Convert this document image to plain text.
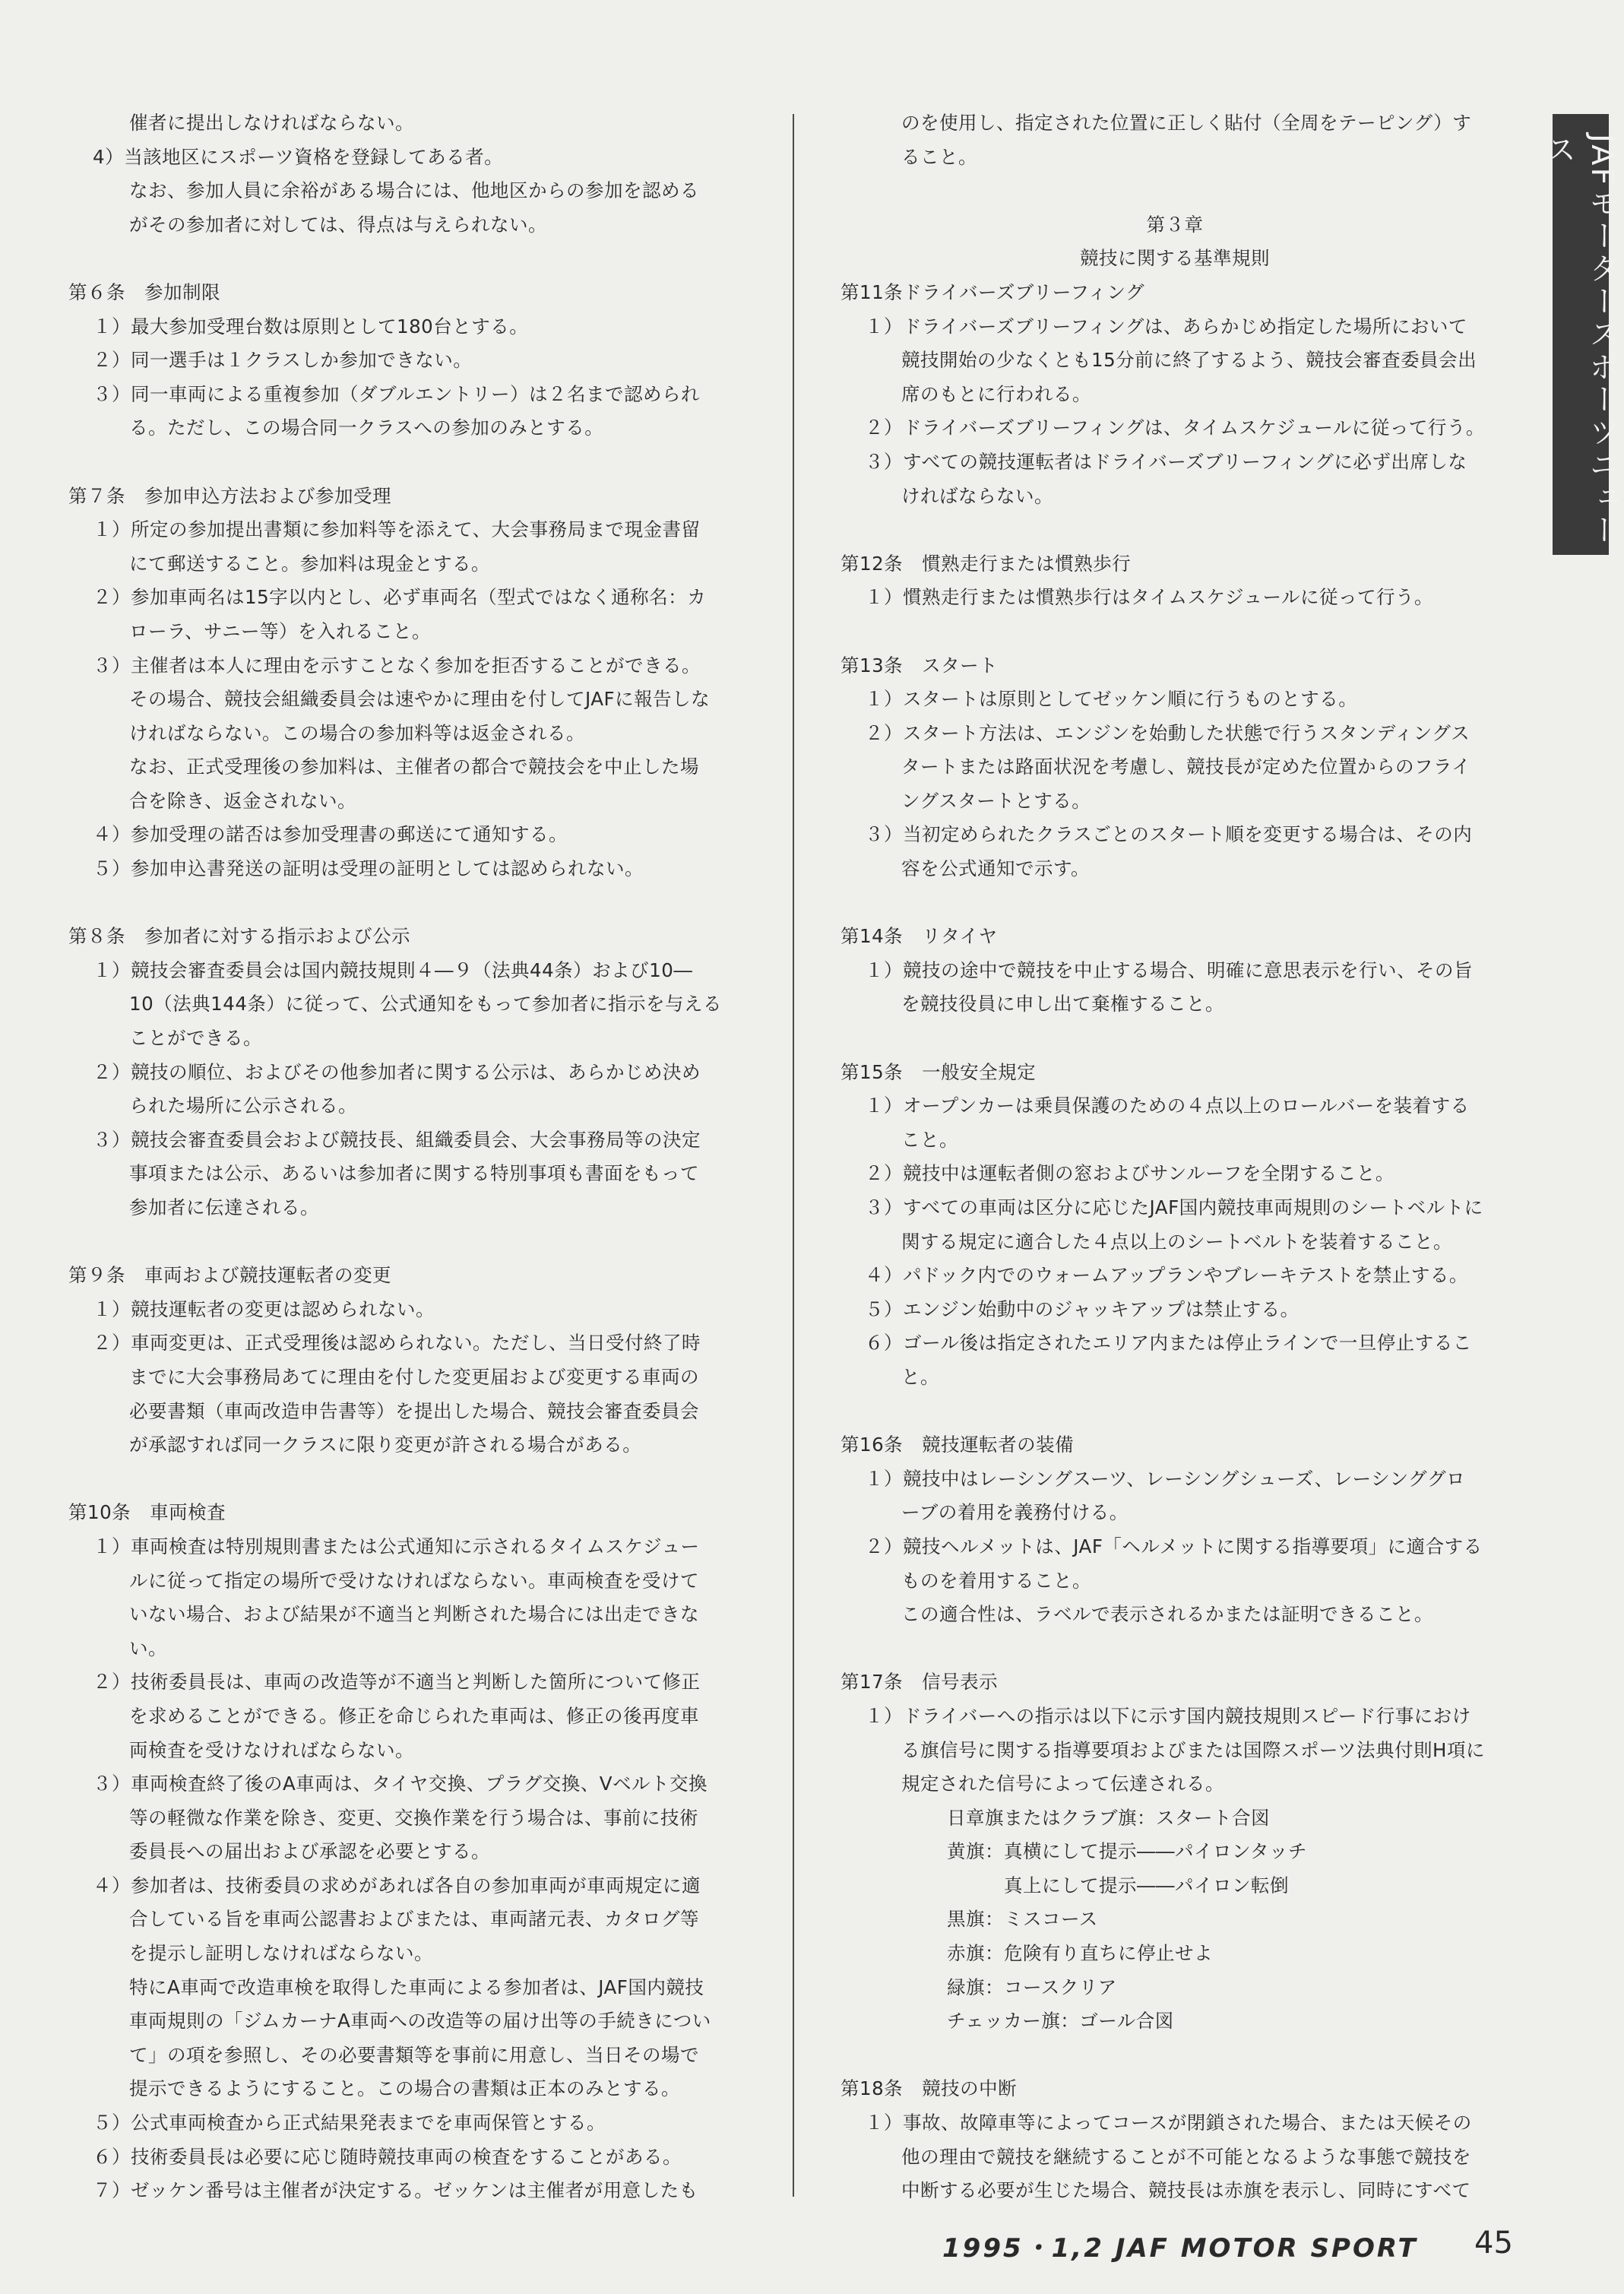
催者に提出しなければならない。
4）当該地区にスポーツ資格を登録してある者。
なお、参加人員に余裕がある場合には、他地区からの参加を認める
がその参加者に対しては、得点は与えられない。
第６条　参加制限
１）最大参加受理台数は原則として180台とする。
２）同一選手は１クラスしか参加できない。
３）同一車両による重複参加（ダブルエントリー）は２名まで認められ
る。ただし、この場合同一クラスへの参加のみとする。
第７条　参加申込方法および参加受理
１）所定の参加提出書類に参加料等を添えて、大会事務局まで現金書留
にて郵送すること。参加料は現金とする。
２）参加車両名は15字以内とし、必ず車両名（型式ではなく通称名：カ
ローラ、サニー等）を入れること。
３）主催者は本人に理由を示すことなく参加を拒否することができる。
その場合、競技会組織委員会は速やかに理由を付してJAFに報告しな
ければならない。この場合の参加料等は返金される。
なお、正式受理後の参加料は、主催者の都合で競技会を中止した場
合を除き、返金されない。
４）参加受理の諾否は参加受理書の郵送にて通知する。
５）参加申込書発送の証明は受理の証明としては認められない。
第８条　参加者に対する指示および公示
１）競技会審査委員会は国内競技規則４―９（法典44条）および10―
10（法典144条）に従って、公式通知をもって参加者に指示を与える
ことができる。
２）競技の順位、およびその他参加者に関する公示は、あらかじめ決め
られた場所に公示される。
３）競技会審査委員会および競技長、組織委員会、大会事務局等の決定
事項または公示、あるいは参加者に関する特別事項も書面をもって
参加者に伝達される。
第９条　車両および競技運転者の変更
１）競技運転者の変更は認められない。
２）車両変更は、正式受理後は認められない。ただし、当日受付終了時
までに大会事務局あてに理由を付した変更届および変更する車両の
必要書類（車両改造申告書等）を提出した場合、競技会審査委員会
が承認すれば同一クラスに限り変更が許される場合がある。
第10条　車両検査
１）車両検査は特別規則書または公式通知に示されるタイムスケジュー
ルに従って指定の場所で受けなければならない。車両検査を受けて
いない場合、および結果が不適当と判断された場合には出走できな
い。
２）技術委員長は、車両の改造等が不適当と判断した箇所について修正
を求めることができる。修正を命じられた車両は、修正の後再度車
両検査を受けなければならない。
３）車両検査終了後のA車両は、タイヤ交換、プラグ交換、Vベルト交換
等の軽微な作業を除き、変更、交換作業を行う場合は、事前に技術
委員長への届出および承認を必要とする。
４）参加者は、技術委員の求めがあれば各自の参加車両が車両規定に適
合している旨を車両公認書およびまたは、車両諸元表、カタログ等
を提示し証明しなければならない。
特にA車両で改造車検を取得した車両による参加者は、JAF国内競技
車両規則の「ジムカーナA車両への改造等の届け出等の手続きについ
て」の項を参照し、その必要書類等を事前に用意し、当日その場で
提示できるようにすること。この場合の書類は正本のみとする。
５）公式車両検査から正式結果発表までを車両保管とする。
６）技術委員長は必要に応じ随時競技車両の検査をすることがある。
７）ゼッケン番号は主催者が決定する。ゼッケンは主催者が用意したも
のを使用し、指定された位置に正しく貼付（全周をテーピング）す
ること。
第３章
競技に関する基準規則
第11条ドライバーズブリーフィング
１）ドライバーズブリーフィングは、あらかじめ指定した場所において
競技開始の少なくとも15分前に終了するよう、競技会審査委員会出
席のもとに行われる。
２）ドライバーズブリーフィングは、タイムスケジュールに従って行う。
３）すべての競技運転者はドライバーズブリーフィングに必ず出席しな
ければならない。
第12条　慣熟走行または慣熟歩行
１）慣熟走行または慣熟歩行はタイムスケジュールに従って行う。
第13条　スタート
１）スタートは原則としてゼッケン順に行うものとする。
２）スタート方法は、エンジンを始動した状態で行うスタンディングス
タートまたは路面状況を考慮し、競技長が定めた位置からのフライ
ングスタートとする。
３）当初定められたクラスごとのスタート順を変更する場合は、その内
容を公式通知で示す。
第14条　リタイヤ
１）競技の途中で競技を中止する場合、明確に意思表示を行い、その旨
を競技役員に申し出て棄権すること。
第15条　一般安全規定
１）オープンカーは乗員保護のための４点以上のロールバーを装着する
こと。
２）競技中は運転者側の窓およびサンルーフを全閉すること。
３）すべての車両は区分に応じたJAF国内競技車両規則のシートベルトに
関する規定に適合した４点以上のシートベルトを装着すること。
４）パドック内でのウォームアップランやブレーキテストを禁止する。
５）エンジン始動中のジャッキアップは禁止する。
６）ゴール後は指定されたエリア内または停止ラインで一旦停止するこ
と。
第16条　競技運転者の装備
１）競技中はレーシングスーツ、レーシングシューズ、レーシンググロ
ーブの着用を義務付ける。
２）競技ヘルメットは、JAF「ヘルメットに関する指導要項」に適合する
ものを着用すること。
この適合性は、ラベルで表示されるかまたは証明できること。
第17条　信号表示
１）ドライバーへの指示は以下に示す国内競技規則スピード行事におけ
る旗信号に関する指導要項およびまたは国際スポーツ法典付則H項に
規定された信号によって伝達される。
日章旗またはクラブ旗：スタート合図
黄旗：真横にして提示――パイロンタッチ
真上にして提示――パイロン転倒
黒旗：ミスコース
赤旗：危険有り直ちに停止せよ
緑旗：コースクリア
チェッカー旗：ゴール合図
第18条　競技の中断
１）事故、故障車等によってコースが閉鎖された場合、または天候その
他の理由で競技を継続することが不可能となるような事態で競技を
中断する必要が生じた場合、競技長は赤旗を表示し、同時にすべて
JAFモータースポーツニュース
1995・1,2 JAF MOTOR SPORT 45
